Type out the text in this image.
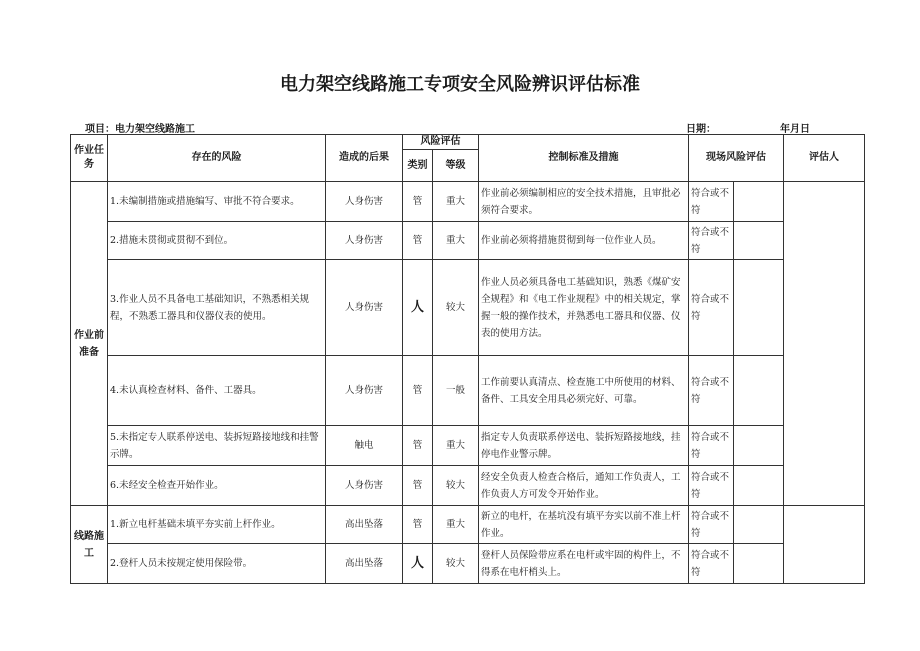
电力架空线路施工专项安全风险辨识评估标准
项目：电力架空线路施工	日期：	年月日
作业任务	存在的风险	造成的后果	风险评估		控制标准及措施	现场风险评估		评估人
			类别	等级				
作业前准备	1.未编制措施或措施编写、审批不符合要求。	人身伤害	管	重大	作业前必须编制相应的安全技术措施，且审批必须符合要求。	符合或不符		
	2.措施未贯彻或贯彻不到位。	人身伤害	管	重大	作业前必须将措施贯彻到每一位作业人员。	符合或不符		
	3.作业人员不具备电工基础知识，不熟悉相关规程，不熟悉工器具和仪器仪表的使用。	人身伤害	人	较大	作业人员必须具备电工基础知识，熟悉《煤矿安全规程》和《电工作业规程》中的相关规定，掌握一般的操作技术，并熟悉电工器具和仪器、仪表的使用方法。	符合或不符		
	4.未认真检查材料、备件、工器具。	人身伤害	管	一般	工作前要认真清点、检查施工中所使用的材料、备件、工具安全用具必须完好、可靠。	符合或不符		
	5.未指定专人联系停送电、装拆短路接地线和挂警示牌。	触电	管	重大	指定专人负责联系停送电、装拆短路接地线，挂停电作业警示牌。	符合或不符		
	6.未经安全检查开始作业。	人身伤害	管	较大	经安全负责人检查合格后，通知工作负责人，工作负责人方可发令开始作业。	符合或不符		
线路施工	1.新立电杆基础未填平夯实前上杆作业。	高出坠落	管	重大	新立的电杆，在基坑没有填平夯实以前不准上杆作业。	符合或不符		
	2.登杆人员未按规定使用保险带。	高出坠落	人	较大	登杆人员保险带应系在电杆或牢固的构件上，不得系在电杆梢头上。	符合或不符		
